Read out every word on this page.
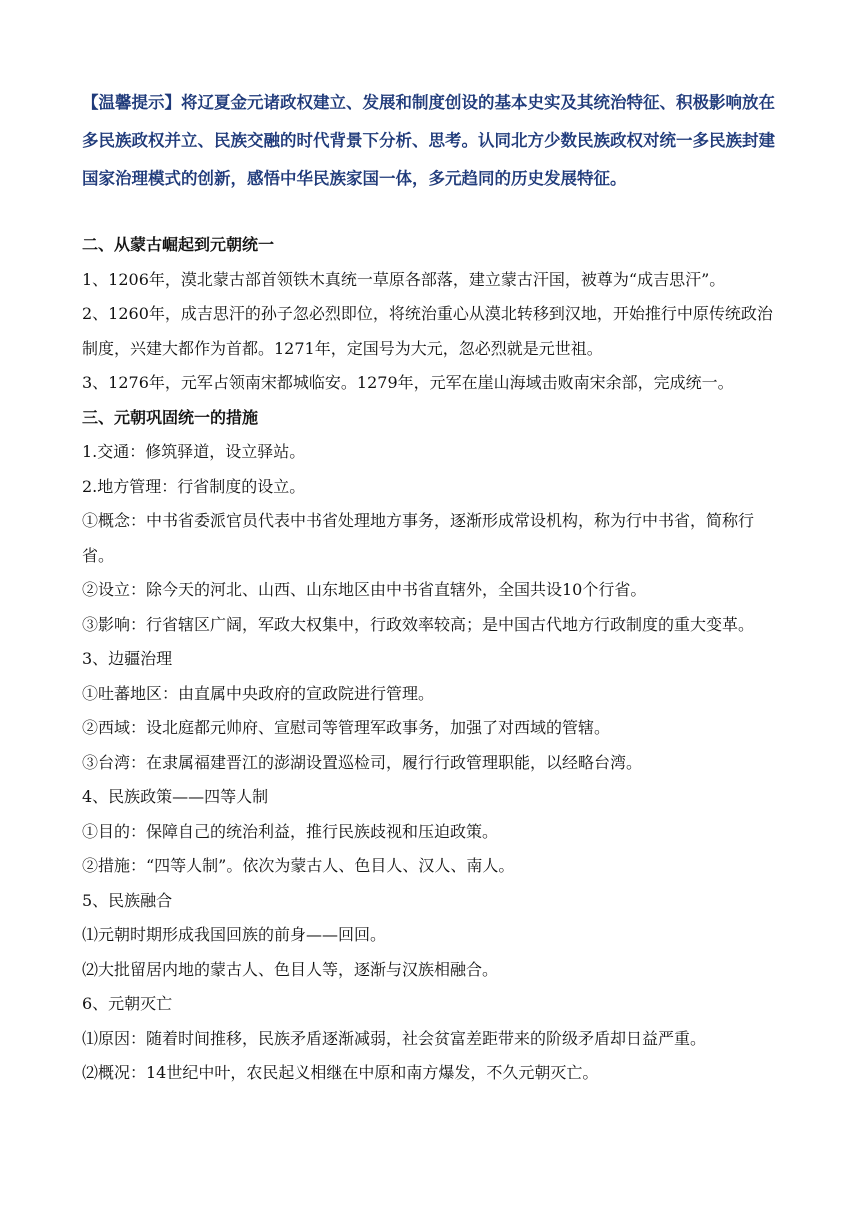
【温馨提示】将辽夏金元诸政权建立、发展和制度创设的基本史实及其统治特征、积极影响放在多民族政权并立、民族交融的时代背景下分析、思考。认同北方少数民族政权对统一多民族封建国家治理模式的创新，感悟中华民族家国一体，多元趋同的历史发展特征。

二、从蒙古崛起到元朝统一

1、1206年，漠北蒙古部首领铁木真统一草原各部落，建立蒙古汗国，被尊为“成吉思汗”。

2、1260年，成吉思汗的孙子忽必烈即位，将统治重心从漠北转移到汉地，开始推行中原传统政治制度，兴建大都作为首都。1271年，定国号为大元，忽必烈就是元世祖。

3、1276年，元军占领南宋都城临安。1279年，元军在崖山海域击败南宋余部，完成统一。

三、元朝巩固统一的措施

1.交通：修筑驿道，设立驿站。

2.地方管理：行省制度的设立。

①概念：中书省委派官员代表中书省处理地方事务，逐渐形成常设机构，称为行中书省，简称行省。

②设立：除今天的河北、山西、山东地区由中书省直辖外，全国共设10个行省。

③影响：行省辖区广阔，军政大权集中，行政效率较高；是中国古代地方行政制度的重大变革。

3、边疆治理

①吐蕃地区：由直属中央政府的宣政院进行管理。

②西域：设北庭都元帅府、宣慰司等管理军政事务，加强了对西域的管辖。

③台湾：在隶属福建晋江的澎湖设置巡检司，履行行政管理职能，以经略台湾。

4、民族政策——四等人制

①目的：保障自己的统治利益，推行民族歧视和压迫政策。

②措施：“四等人制”。依次为蒙古人、色目人、汉人、南人。

5、民族融合

⑴元朝时期形成我国回族的前身——回回。

⑵大批留居内地的蒙古人、色目人等，逐渐与汉族相融合。

6、元朝灭亡

⑴原因：随着时间推移，民族矛盾逐渐减弱，社会贫富差距带来的阶级矛盾却日益严重。

⑵概况：14世纪中叶，农民起义相继在中原和南方爆发，不久元朝灭亡。
